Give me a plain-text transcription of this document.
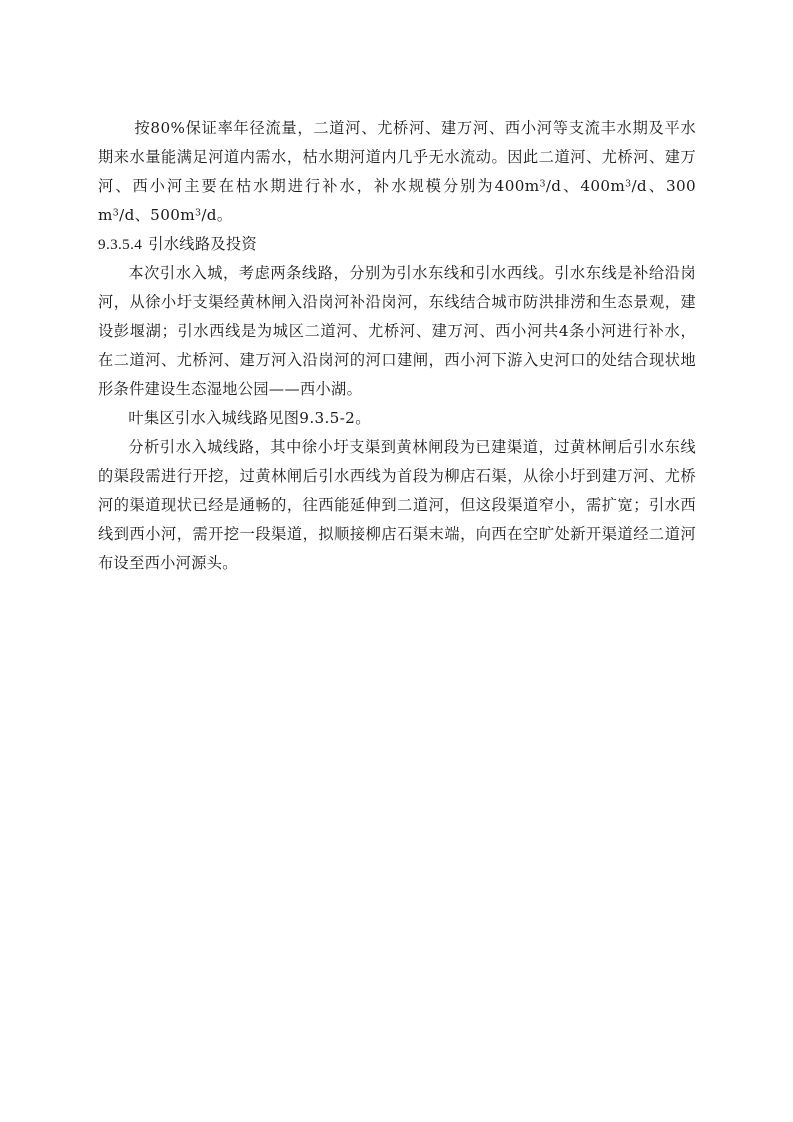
按80%保证率年径流量，二道河、尤桥河、建万河、西小河等支流丰水期及平水期来水量能满足河道内需水，枯水期河道内几乎无水流动。因此二道河、尤桥河、建万河、西小河主要在枯水期进行补水，补水规模分别为$400m^3/d$、$400m^3/d$、300 $m^3/d$、$500m^3/d$。

9.3.5.4 引水线路及投资

本次引水入城，考虑两条线路，分别为引水东线和引水西线。引水东线是补给沿岗河，从徐小圩支渠经黄林闸入沿岗河补沿岗河，东线结合城市防洪排涝和生态景观，建设彭堰湖；引水西线是为城区二道河、尤桥河、建万河、西小河共4条小河进行补水，在二道河、尤桥河、建万河入沿岗河的河口建闸，西小河下游入史河口的处结合现状地形条件建设生态湿地公园——西小湖。

叶集区引水入城线路见图9.3.5-2。

分析引水入城线路，其中徐小圩支渠到黄林闸段为已建渠道，过黄林闸后引水东线的渠段需进行开挖，过黄林闸后引水西线为首段为柳店石渠，从徐小圩到建万河、尤桥河的渠道现状已经是通畅的，往西能延伸到二道河，但这段渠道窄小，需扩宽；引水西线到西小河，需开挖一段渠道，拟顺接柳店石渠末端，向西在空旷处新开渠道经二道河布设至西小河源头。
